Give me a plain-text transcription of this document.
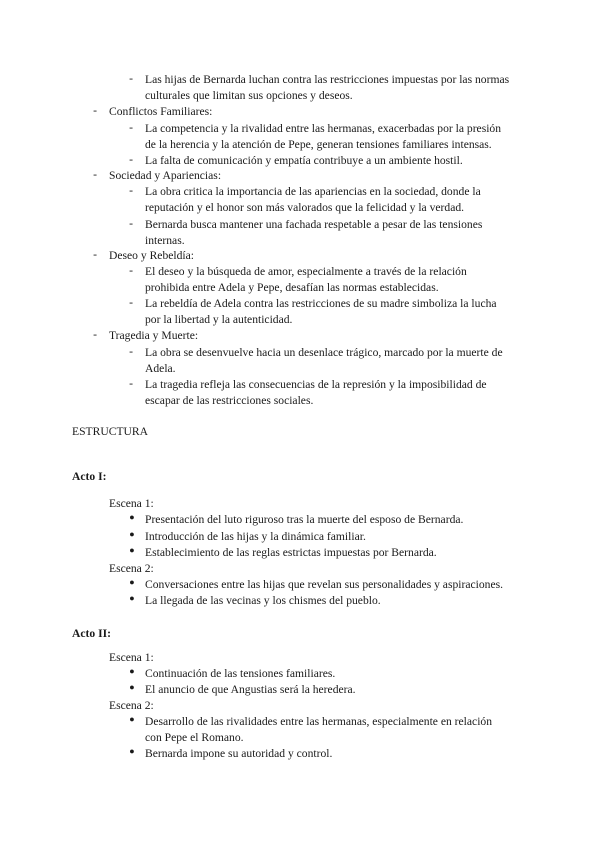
- Las hijas de Bernarda luchan contra las restricciones impuestas por las normas
culturales que limitan sus opciones y deseos.
- Conflictos Familiares:
- La competencia y la rivalidad entre las hermanas, exacerbadas por la presión
de la herencia y la atención de Pepe, generan tensiones familiares intensas.
- La falta de comunicación y empatía contribuye a un ambiente hostil.
- Sociedad y Apariencias:
- La obra critica la importancia de las apariencias en la sociedad, donde la
reputación y el honor son más valorados que la felicidad y la verdad.
- Bernarda busca mantener una fachada respetable a pesar de las tensiones
internas.
- Deseo y Rebeldía:
- El deseo y la búsqueda de amor, especialmente a través de la relación
prohibida entre Adela y Pepe, desafían las normas establecidas.
- La rebeldía de Adela contra las restricciones de su madre simboliza la lucha
por la libertad y la autenticidad.
- Tragedia y Muerte:
- La obra se desenvuelve hacia un desenlace trágico, marcado por la muerte de
Adela.
- La tragedia refleja las consecuencias de la represión y la imposibilidad de
escapar de las restricciones sociales.
ESTRUCTURA
Acto I:
Escena 1:
● Presentación del luto riguroso tras la muerte del esposo de Bernarda.
● Introducción de las hijas y la dinámica familiar.
● Establecimiento de las reglas estrictas impuestas por Bernarda.
Escena 2:
● Conversaciones entre las hijas que revelan sus personalidades y aspiraciones.
● La llegada de las vecinas y los chismes del pueblo.
Acto II:
Escena 1:
● Continuación de las tensiones familiares.
● El anuncio de que Angustias será la heredera.
Escena 2:
● Desarrollo de las rivalidades entre las hermanas, especialmente en relación
con Pepe el Romano.
● Bernarda impone su autoridad y control.
